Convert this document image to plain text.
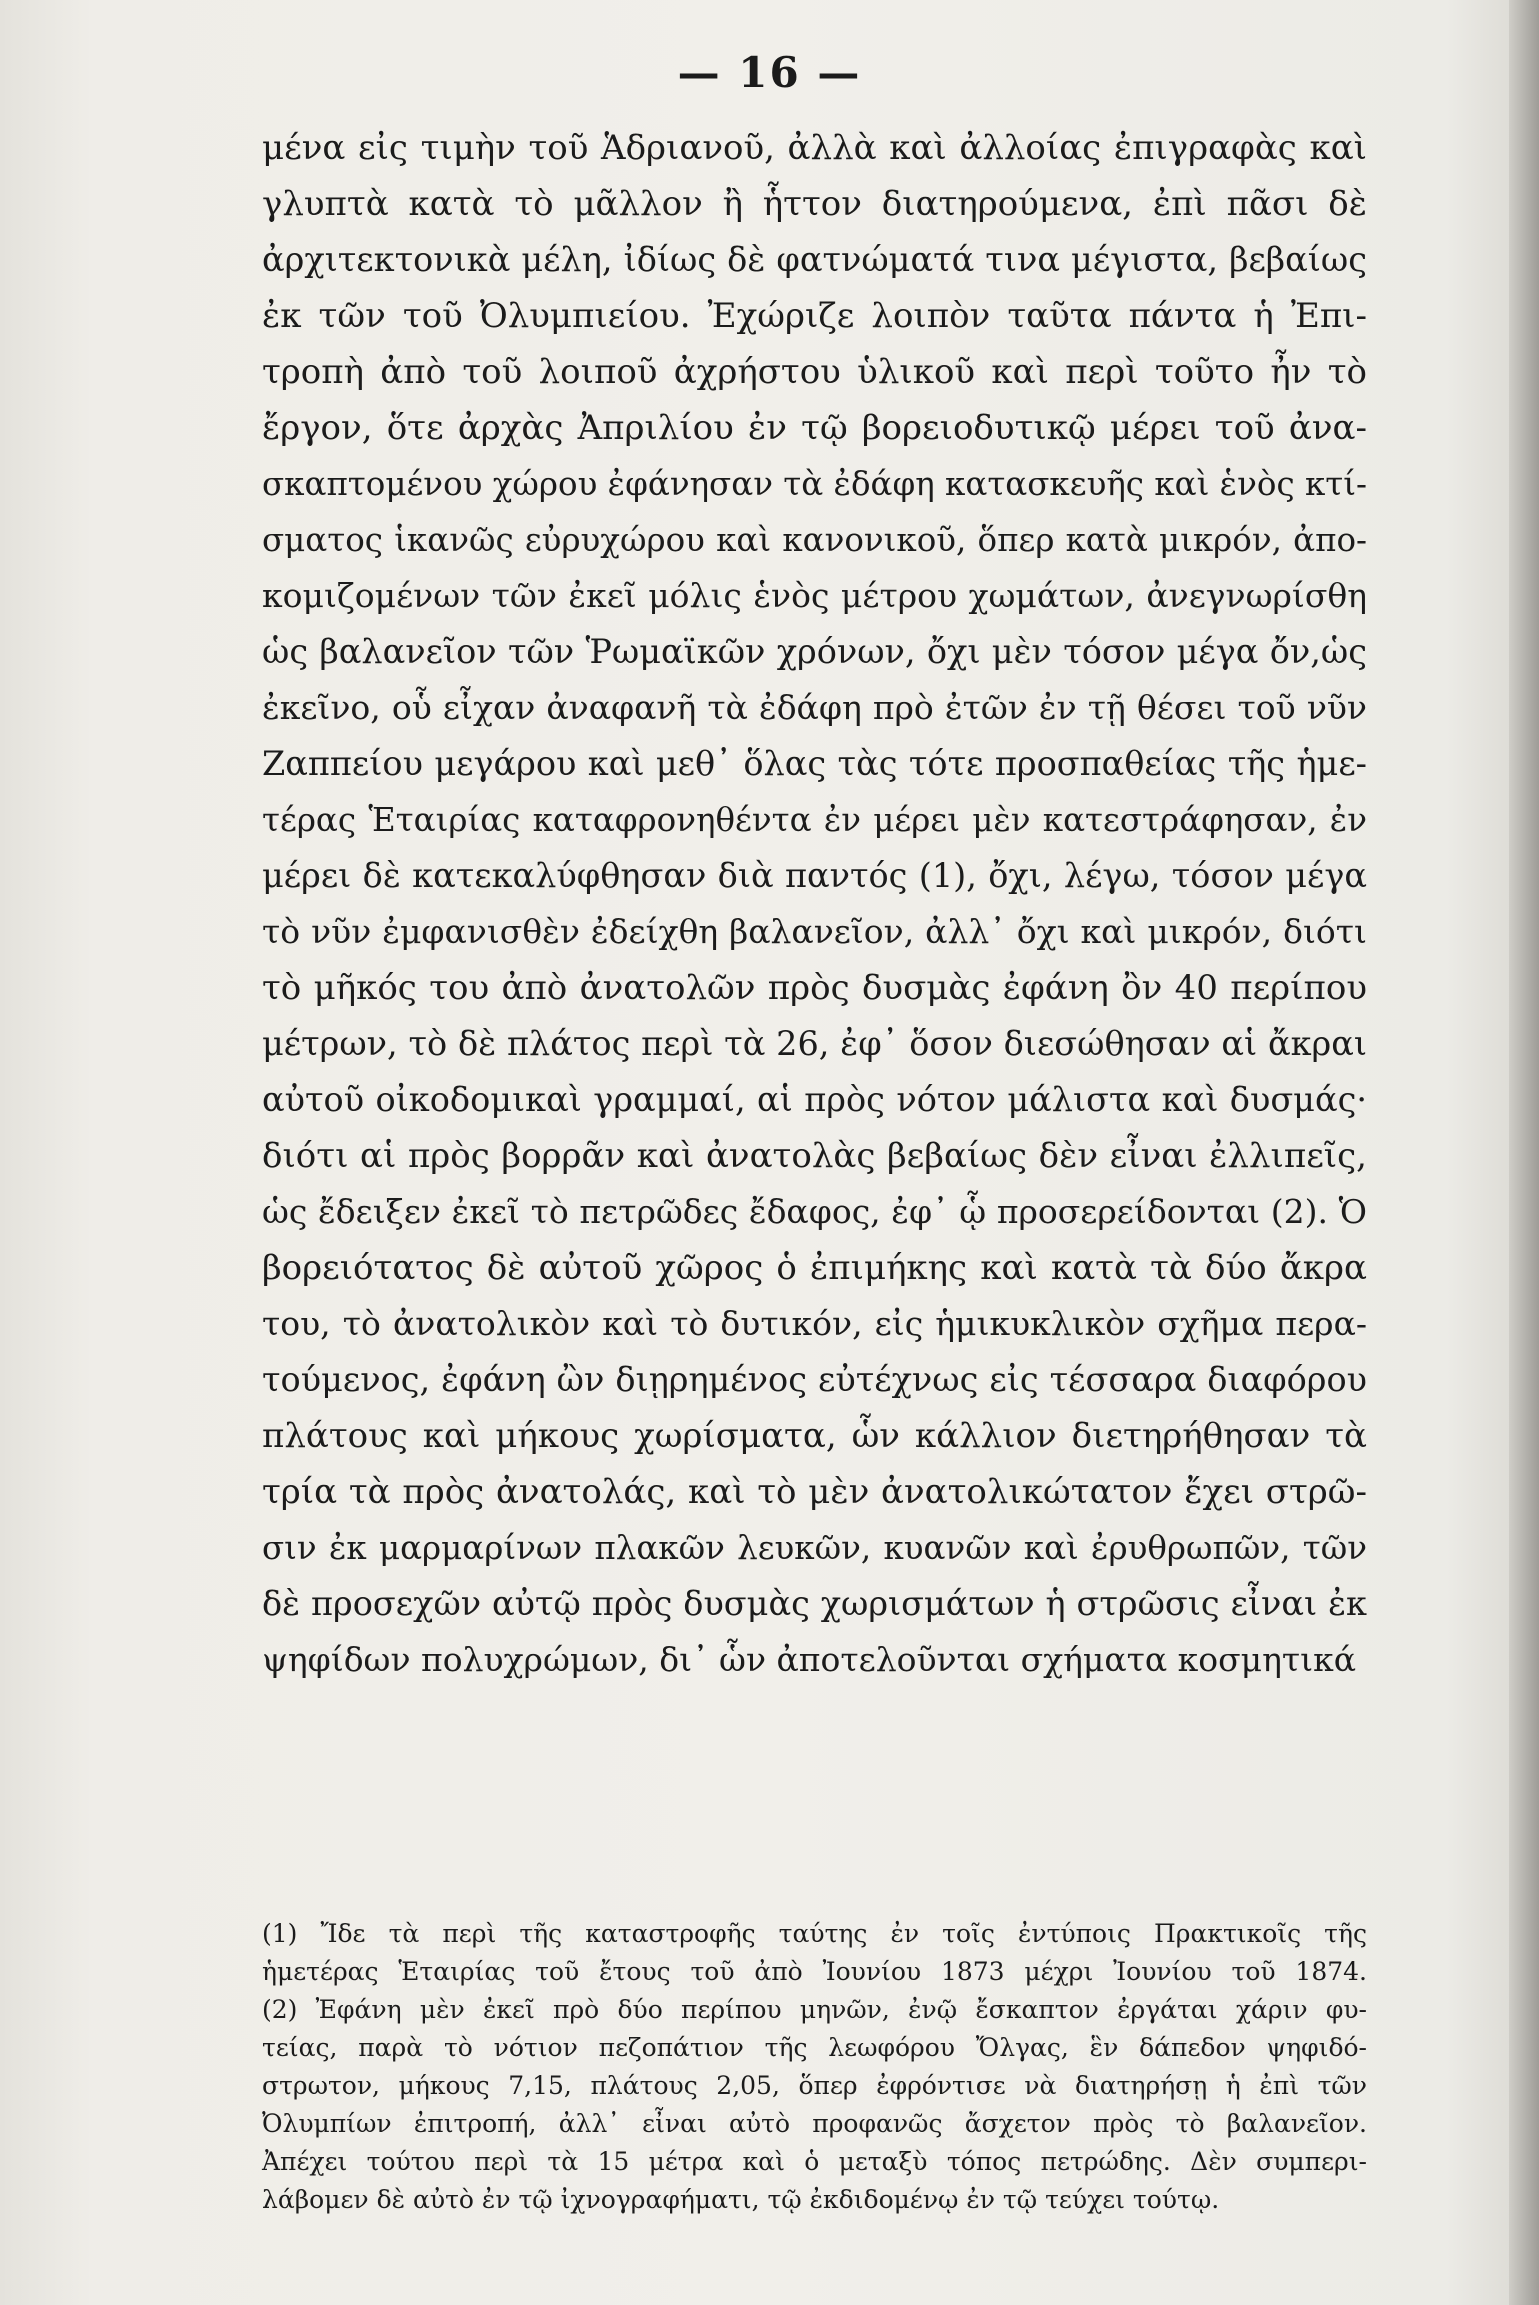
— 16 —
μένα εἰς τιμὴν τοῦ Ἁδριανοῦ, ἀλλὰ καὶ ἀλλοίας ἐπιγραφὰς καὶ
γλυπτὰ κατὰ τὸ μᾶλλον ἢ ἧττον διατηρούμενα, ἐπὶ πᾶσι δὲ
ἀρχιτεκτονικὰ μέλη, ἰδίως δὲ φατνώματά τινα μέγιστα, βεβαίως
ἐκ τῶν τοῦ Ὀλυμπιείου. Ἐχώριζε λοιπὸν ταῦτα πάντα ἡ Ἐπι-
τροπὴ ἀπὸ τοῦ λοιποῦ ἀχρήστου ὑλικοῦ καὶ περὶ τοῦτο ἦν τὸ
ἔργον, ὅτε ἀρχὰς Ἀπριλίου ἐν τῷ βορειοδυτικῷ μέρει τοῦ ἀνα-
σκαπτομένου χώρου ἐφάνησαν τὰ ἐδάφη κατασκευῆς καὶ ἑνὸς κτί-
σματος ἱκανῶς εὐρυχώρου καὶ κανονικοῦ, ὅπερ κατὰ μικρόν, ἀπο-
κομιζομένων τῶν ἐκεῖ μόλις ἑνὸς μέτρου χωμάτων, ἀνεγνωρίσθη
ὡς βαλανεῖον τῶν Ῥωμαϊκῶν χρόνων, ὄχι μὲν τόσον μέγα ὄν,ὡς
ἐκεῖνο, οὗ εἶχαν ἀναφανῆ τὰ ἐδάφη πρὸ ἐτῶν ἐν τῇ θέσει τοῦ νῦν
Ζαππείου μεγάρου καὶ μεθ᾽ ὅλας τὰς τότε προσπαθείας τῆς ἡμε-
τέρας Ἑταιρίας καταφρονηθέντα ἐν μέρει μὲν κατεστράφησαν, ἐν
μέρει δὲ κατεκαλύφθησαν διὰ παντός (1), ὄχι, λέγω, τόσον μέγα
τὸ νῦν ἐμφανισθὲν ἐδείχθη βαλανεῖον, ἀλλ᾽ ὄχι καὶ μικρόν, διότι
τὸ μῆκός του ἀπὸ ἀνατολῶν πρὸς δυσμὰς ἐφάνη ὂν 40 περίπου
μέτρων, τὸ δὲ πλάτος περὶ τὰ 26, ἐφ᾽ ὅσον διεσώθησαν αἱ ἄκραι
αὐτοῦ οἰκοδομικαὶ γραμμαί, αἱ πρὸς νότον μάλιστα καὶ δυσμάς·
διότι αἱ πρὸς βορρᾶν καὶ ἀνατολὰς βεβαίως δὲν εἶναι ἐλλιπεῖς,
ὡς ἔδειξεν ἐκεῖ τὸ πετρῶδες ἔδαφος, ἐφ᾽ ᾧ προσερείδονται (2). Ὁ
βορειότατος δὲ αὐτοῦ χῶρος ὁ ἐπιμήκης καὶ κατὰ τὰ δύο ἄκρα
του, τὸ ἀνατολικὸν καὶ τὸ δυτικόν, εἰς ἡμικυκλικὸν σχῆμα περα-
τούμενος, ἐφάνη ὢν διῃρημένος εὐτέχνως εἰς τέσσαρα διαφόρου
πλάτους καὶ μήκους χωρίσματα, ὧν κάλλιον διετηρήθησαν τὰ
τρία τὰ πρὸς ἀνατολάς, καὶ τὸ μὲν ἀνατολικώτατον ἔχει στρῶ-
σιν ἐκ μαρμαρίνων πλακῶν λευκῶν, κυανῶν καὶ ἐρυθρωπῶν, τῶν
δὲ προσεχῶν αὐτῷ πρὸς δυσμὰς χωρισμάτων ἡ στρῶσις εἶναι ἐκ
ψηφίδων πολυχρώμων, δι᾽ ὧν ἀποτελοῦνται σχήματα κοσμητικά
(1) Ἴδε τὰ περὶ τῆς καταστροφῆς ταύτης ἐν τοῖς ἐντύποις Πρακτικοῖς τῆς
ἡμετέρας Ἑταιρίας τοῦ ἔτους τοῦ ἀπὸ Ἰουνίου 1873 μέχρι Ἰουνίου τοῦ 1874.
(2) Ἐφάνη μὲν ἐκεῖ πρὸ δύο περίπου μηνῶν, ἐνῷ ἔσκαπτον ἐργάται χάριν φυ-
τείας, παρὰ τὸ νότιον πεζοπάτιον τῆς λεωφόρου Ὄλγας, ἓν δάπεδον ψηφιδό-
στρωτον, μήκους 7,15, πλάτους 2,05, ὅπερ ἐφρόντισε νὰ διατηρήσῃ ἡ ἐπὶ τῶν
Ὀλυμπίων ἐπιτροπή, ἀλλ᾽ εἶναι αὐτὸ προφανῶς ἄσχετον πρὸς τὸ βαλανεῖον.
Ἀπέχει τούτου περὶ τὰ 15 μέτρα καὶ ὁ μεταξὺ τόπος πετρώδης. Δὲν συμπερι-
λάβομεν δὲ αὐτὸ ἐν τῷ ἰχνογραφήματι, τῷ ἐκδιδομένῳ ἐν τῷ τεύχει τούτῳ.
